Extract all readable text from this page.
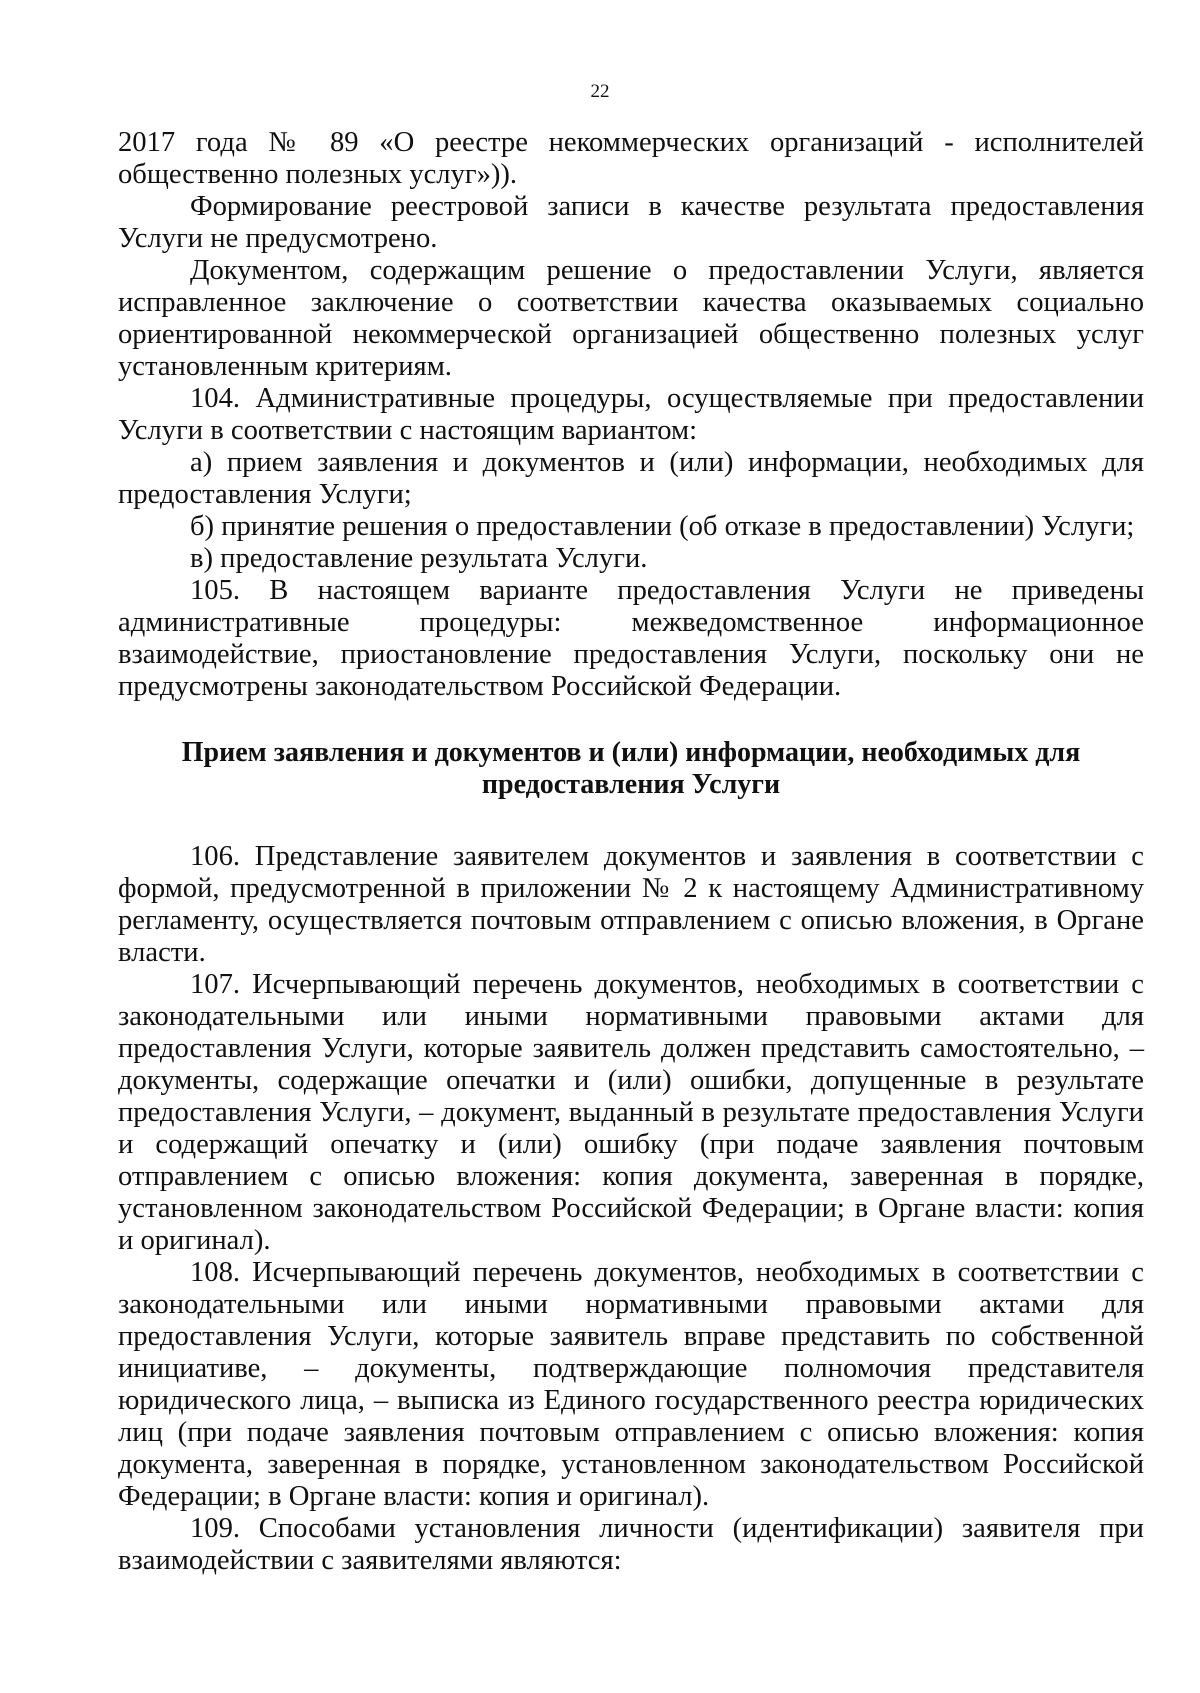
22

2017 года № 89 «О реестре некоммерческих организаций - исполнителей общественно полезных услуг»)).

Формирование реестровой записи в качестве результата предоставления Услуги не предусмотрено.

Документом, содержащим решение о предоставлении Услуги, является исправленное заключение о соответствии качества оказываемых социально ориентированной некоммерческой организацией общественно полезных услуг установленным критериям.

104. Административные процедуры, осуществляемые при предоставлении Услуги в соответствии с настоящим вариантом:

а) прием заявления и документов и (или) информации, необходимых для предоставления Услуги;

б) принятие решения о предоставлении (об отказе в предоставлении) Услуги;

в) предоставление результата Услуги.

105. В настоящем варианте предоставления Услуги не приведены административные процедуры: межведомственное информационное взаимодействие, приостановление предоставления Услуги, поскольку они не предусмотрены законодательством Российской Федерации.

Прием заявления и документов и (или) информации, необходимых для
предоставления Услуги

106. Представление заявителем документов и заявления в соответствии с формой, предусмотренной в приложении № 2 к настоящему Административному регламенту, осуществляется почтовым отправлением с описью вложения, в Органе власти.

107. Исчерпывающий перечень документов, необходимых в соответствии с законодательными или иными нормативными правовыми актами для предоставления Услуги, которые заявитель должен представить самостоятельно, – документы, содержащие опечатки и (или) ошибки, допущенные в результате предоставления Услуги, – документ, выданный в результате предоставления Услуги и содержащий опечатку и (или) ошибку (при подаче заявления почтовым отправлением с описью вложения: копия документа, заверенная в порядке, установленном законодательством Российской Федерации; в Органе власти: копия и оригинал).

108. Исчерпывающий перечень документов, необходимых в соответствии с законодательными или иными нормативными правовыми актами для предоставления Услуги, которые заявитель вправе представить по собственной инициативе, – документы, подтверждающие полномочия представителя юридического лица, – выписка из Единого государственного реестра юридических лиц (при подаче заявления почтовым отправлением с описью вложения: копия документа, заверенная в порядке, установленном законодательством Российской Федерации; в Органе власти: копия и оригинал).

109. Способами установления личности (идентификации) заявителя при взаимодействии с заявителями являются:
